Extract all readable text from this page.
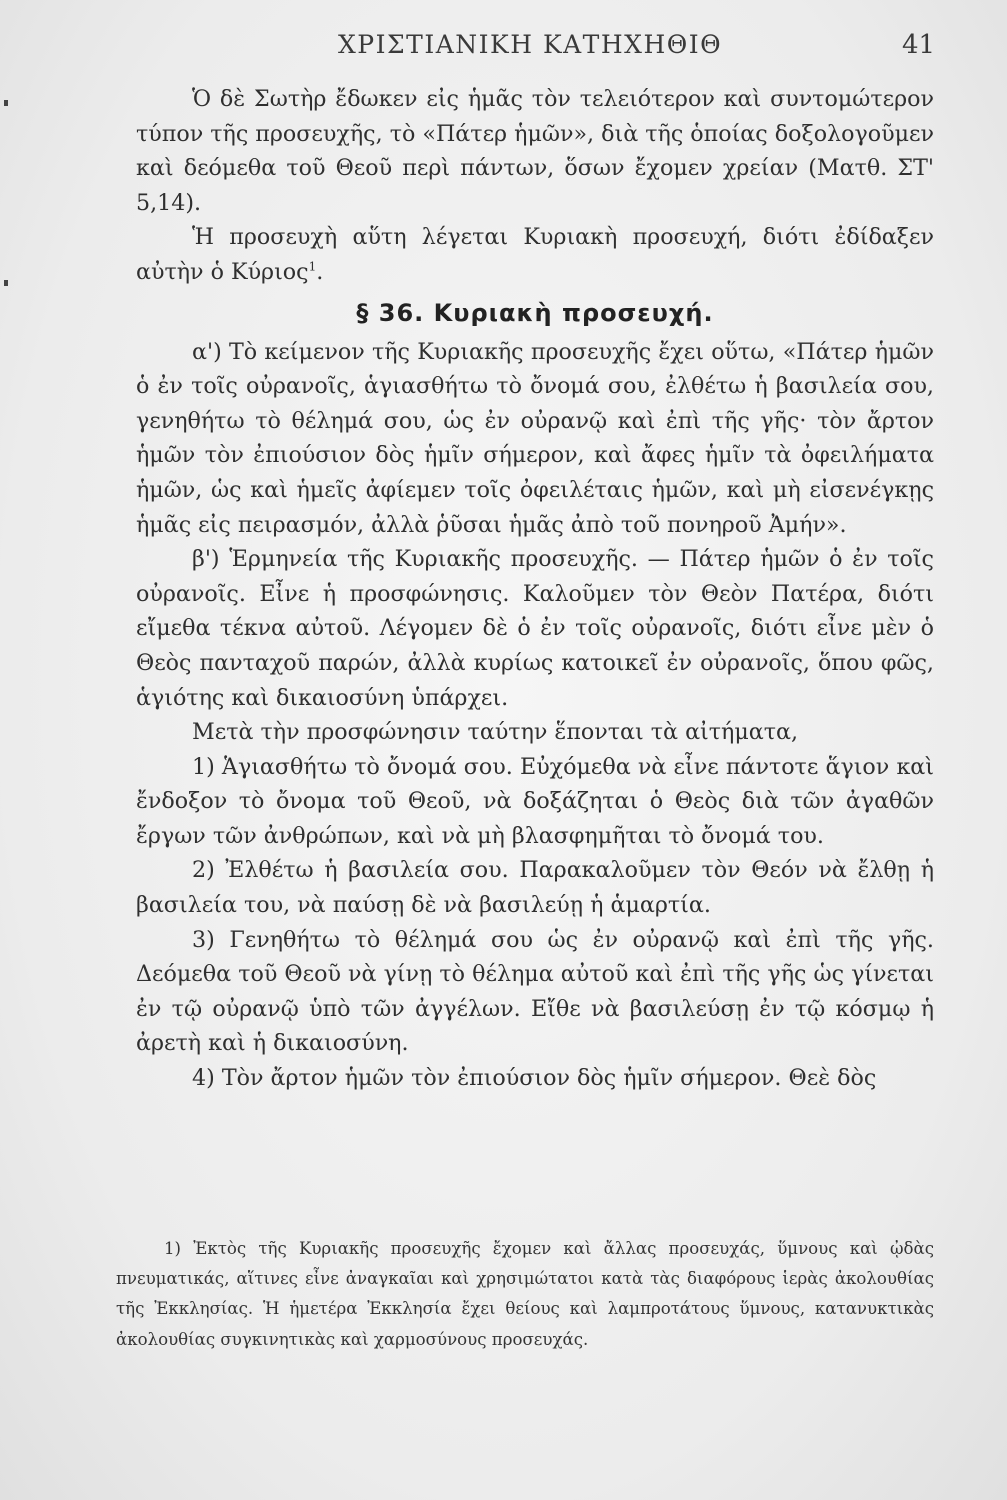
ΧΡΙΣΤΙΑΝΙΚΗ ΚΑΤΗΧΗΘΙΘ	41

Ὁ δὲ Σωτὴρ ἔδωκεν εἰς ἡμᾶς τὸν τελειότερον καὶ συντομώτερον τύπον τῆς προσευχῆς, τὸ «Πάτερ ἡμῶν», διὰ τῆς ὁποίας δοξολογοῦμεν καὶ δεόμεθα τοῦ Θεοῦ περὶ πάντων, ὅσων ἔχομεν χρείαν (Ματθ. ΣΤ' 5,14).

Ἡ προσευχὴ αὕτη λέγεται Κυριακὴ προσευχή, διότι ἐδίδαξεν αὐτὴν ὁ Κύριος$^1$.

§ 36. Κυριακὴ προσευχή.

α') Τὸ κείμενον τῆς Κυριακῆς προσευχῆς ἔχει οὕτω, «Πάτερ ἡμῶν ὁ ἐν τοῖς οὐρανοῖς, ἁγιασθήτω τὸ ὄνομά σου, ἐλθέτω ἡ βασιλεία σου, γενηθήτω τὸ θέλημά σου, ὡς ἐν οὐρανῷ καὶ ἐπὶ τῆς γῆς· τὸν ἄρτον ἡμῶν τὸν ἐπιούσιον δὸς ἡμῖν σήμερον, καὶ ἄφες ἡμῖν τὰ ὀφειλήματα ἡμῶν, ὡς καὶ ἡμεῖς ἀφίεμεν τοῖς ὀφειλέταις ἡμῶν, καὶ μὴ εἰσενέγκῃς ἡμᾶς εἰς πειρασμόν, ἀλλὰ ῥῦσαι ἡμᾶς ἀπὸ τοῦ πονηροῦ Ἀμήν».

β') Ἑρμηνεία τῆς Κυριακῆς προσευχῆς. — Πάτερ ἡμῶν ὁ ἐν τοῖς οὐρανοῖς. Εἶνε ἡ προσφώνησις. Καλοῦμεν τὸν Θεὸν Πατέρα, διότι εἴμεθα τέκνα αὐτοῦ. Λέγομεν δὲ ὁ ἐν τοῖς οὐρανοῖς, διότι εἶνε μὲν ὁ Θεὸς πανταχοῦ παρών, ἀλλὰ κυρίως κατοικεῖ ἐν οὐρανοῖς, ὅπου φῶς, ἁγιότης καὶ δικαιοσύνη ὑπάρχει.

Μετὰ τὴν προσφώνησιν ταύτην ἕπονται τὰ αἰτήματα,

1) Ἁγιασθήτω τὸ ὄνομά σου. Εὐχόμεθα νὰ εἶνε πάντοτε ἅγιον καὶ ἔνδοξον τὸ ὄνομα τοῦ Θεοῦ, νὰ δοξάζηται ὁ Θεὸς διὰ τῶν ἀγαθῶν ἔργων τῶν ἀνθρώπων, καὶ νὰ μὴ βλασφημῆται τὸ ὄνομά του.

2) Ἐλθέτω ἡ βασιλεία σου. Παρακαλοῦμεν τὸν Θεόν νὰ ἔλθῃ ἡ βασιλεία του, νὰ παύσῃ δὲ νὰ βασιλεύῃ ἡ ἁμαρτία.

3) Γενηθήτω τὸ θέλημά σου ὡς ἐν οὐρανῷ καὶ ἐπὶ τῆς γῆς. Δεόμεθα τοῦ Θεοῦ νὰ γίνῃ τὸ θέλημα αὐτοῦ καὶ ἐπὶ τῆς γῆς ὡς γίνεται ἐν τῷ οὐρανῷ ὑπὸ τῶν ἀγγέλων. Εἴθε νὰ βασιλεύσῃ ἐν τῷ κόσμῳ ἡ ἀρετὴ καὶ ἡ δικαιοσύνη.

4) Τὸν ἄρτον ἡμῶν τὸν ἐπιούσιον δὸς ἡμῖν σήμερον. Θεὲ δὸς

1) Ἐκτὸς τῆς Κυριακῆς προσευχῆς ἔχομεν καὶ ἄλλας προσευχάς, ὕμνους καὶ ᾠδὰς πνευματικάς, αἵτινες εἶνε ἀναγκαῖαι καὶ χρησιμώτατοι κατὰ τὰς διαφόρους ἱερὰς ἀκολουθίας τῆς Ἐκκλησίας. Ἡ ἡμετέρα Ἐκκλησία ἔχει θείους καὶ λαμπροτάτους ὕμνους, κατανυκτικὰς ἀκολουθίας συγκινητικὰς καὶ χαρμοσύνους προσευχάς.
